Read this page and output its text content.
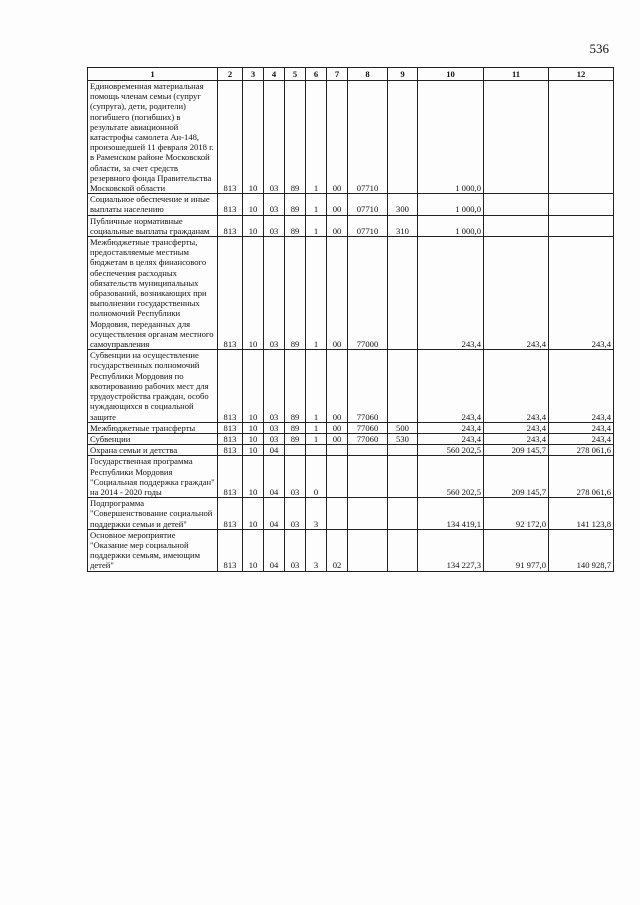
536
1	2	3	4	5	6	7	8	9	10	11	12
Единовременная материальная помощь членам семьи (супруг (супруга), дети, родители) погибшего (погибших) в результате авиационной катастрофы самолета Ан-148, произошедшей 11 февраля 2018 г. в Раменском районе Московской области, за счет средств резервного фонда Правительства Московской области	813	10	03	89	1	00	07710		1 000,0		
Социальное обеспечение и иные выплаты населению	813	10	03	89	1	00	07710	300	1 000,0		
Публичные нормативные социальные выплаты гражданам	813	10	03	89	1	00	07710	310	1 000,0		
Межбюджетные трансферты, предоставляемые местным бюджетам в целях финансового обеспечения расходных обязательств муниципальных образований, возникающих при выполнении государственных полномочий Республики Мордовия, переданных для осуществления органам местного самоуправления	813	10	03	89	1	00	77000		243,4	243,4	243,4
Субвенции на осуществление государственных полномочий Республики Мордовия по квотированию рабочих мест для трудоустройства граждан, особо нуждающихся в социальной защите	813	10	03	89	1	00	77060		243,4	243,4	243,4
Межбюджетные трансферты	813	10	03	89	1	00	77060	500	243,4	243,4	243,4
Субвенции	813	10	03	89	1	00	77060	530	243,4	243,4	243,4
Охрана семьи и детства	813	10	04						560 202,5	209 145,7	278 061,6
Государственная программа Республики Мордовия "Социальная поддержка граждан" на 2014 - 2020 годы	813	10	04	03	0				560 202,5	209 145,7	278 061,6
Подпрограмма "Совершенствование социальной поддержки семьи и детей"	813	10	04	03	3				134 419,1	92 172,0	141 123,8
Основное мероприятие "Оказание мер социальной поддержки семьям, имеющим детей"	813	10	04	03	3	02			134 227,3	91 977,0	140 928,7
